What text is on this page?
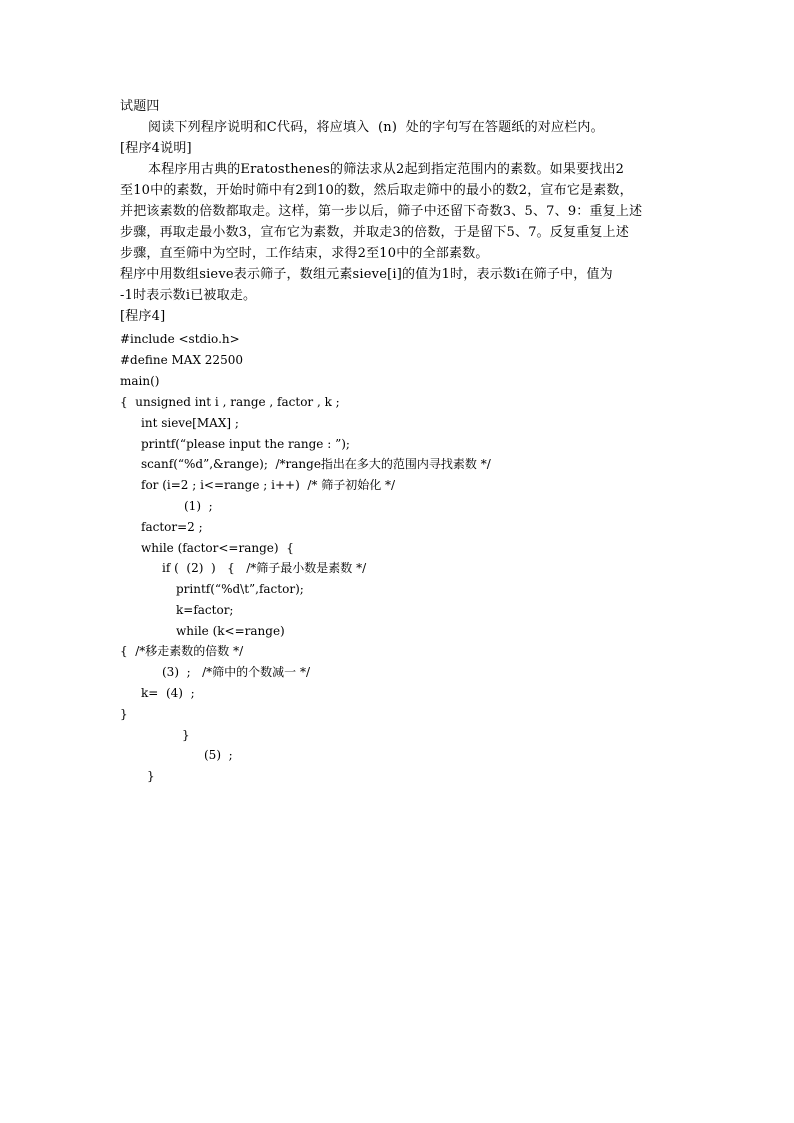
试题四
阅读下列程序说明和C代码，将应填入  (n)  处的字句写在答题纸的对应栏内。
[程序4说明]
本程序用古典的Eratosthenes的筛法求从2起到指定范围内的素数。如果要找出2
至10中的素数，开始时筛中有2到10的数，然后取走筛中的最小的数2，宣布它是素数，
并把该素数的倍数都取走。这样，第一步以后，筛子中还留下奇数3、5、7、9：重复上述
步骤，再取走最小数3，宣布它为素数，并取走3的倍数，于是留下5、7。反复重复上述
步骤，直至筛中为空时，工作结束，求得2至10中的全部素数。
程序中用数组sieve表示筛子，数组元素sieve[i]的值为1时，表示数i在筛子中，值为
-1时表示数i已被取走。
[程序4]
#include <stdio.h>
#define MAX 22500
main()
{  unsigned int i , range , factor , k ;
int sieve[MAX] ;
printf(“please input the range : ”);
scanf(“%d”,&range);  /*range指出在多大的范围内寻找素数 */
for (i=2 ; i<=range ; i++)  /* 筛子初始化 */
(1)  ;
factor=2 ;
while (factor<=range)  {
if (  (2)  )   {   /*筛子最小数是素数 */
printf(“%d\t”,factor);
k=factor;
while (k<=range)
{  /*移走素数的倍数 */
(3)  ;   /*筛中的个数减一 */
k=  (4)  ;
}
}
(5)  ;
}
